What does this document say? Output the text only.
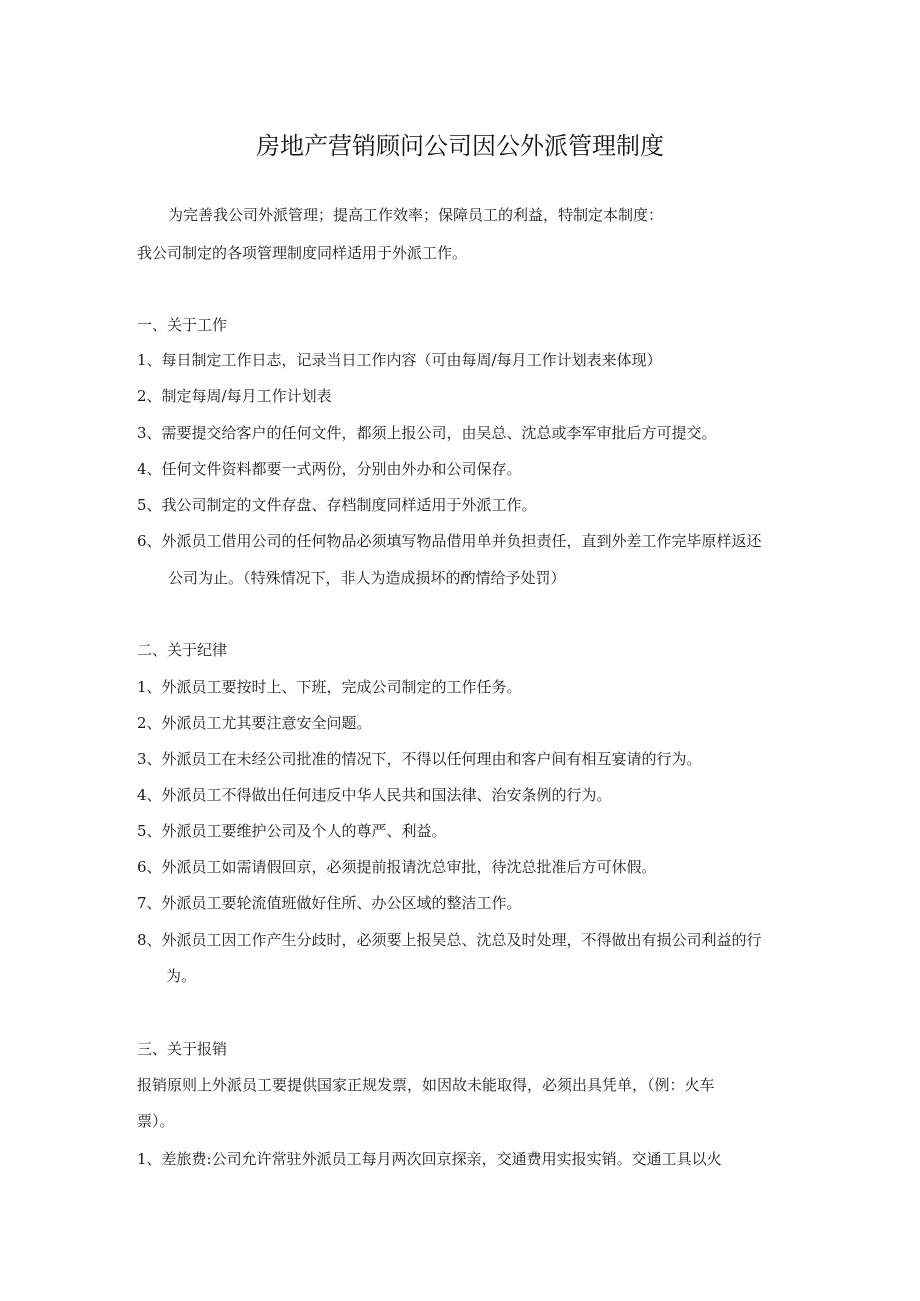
房地产营销顾问公司因公外派管理制度
为完善我公司外派管理；提高工作效率；保障员工的利益，特制定本制度：
我公司制定的各项管理制度同样适用于外派工作。
一、关于工作
1、每日制定工作日志，记录当日工作内容（可由每周/每月工作计划表来体现）
2、制定每周/每月工作计划表
3、需要提交给客户的任何文件，都须上报公司，由吴总、沈总或李军审批后方可提交。
4、任何文件资料都要一式两份，分别由外办和公司保存。
5、我公司制定的文件存盘、存档制度同样适用于外派工作。
6、外派员工借用公司的任何物品必须填写物品借用单并负担责任，直到外差工作完毕原样返还
公司为止。（特殊情况下，非人为造成损坏的酌情给予处罚）
二、关于纪律
1、外派员工要按时上、下班，完成公司制定的工作任务。
2、外派员工尤其要注意安全问题。
3、外派员工在未经公司批准的情况下，不得以任何理由和客户间有相互宴请的行为。
4、外派员工不得做出任何违反中华人民共和国法律、治安条例的行为。
5、外派员工要维护公司及个人的尊严、利益。
6、外派员工如需请假回京，必须提前报请沈总审批，待沈总批准后方可休假。
7、外派员工要轮流值班做好住所、办公区域的整洁工作。
8、外派员工因工作产生分歧时，必须要上报吴总、沈总及时处理，不得做出有损公司利益的行
为。
三、关于报销
报销原则上外派员工要提供国家正规发票，如因故未能取得，必须出具凭单，（例：火车
票）。
1、差旅费:公司允许常驻外派员工每月两次回京探亲，交通费用实报实销。交通工具以火
